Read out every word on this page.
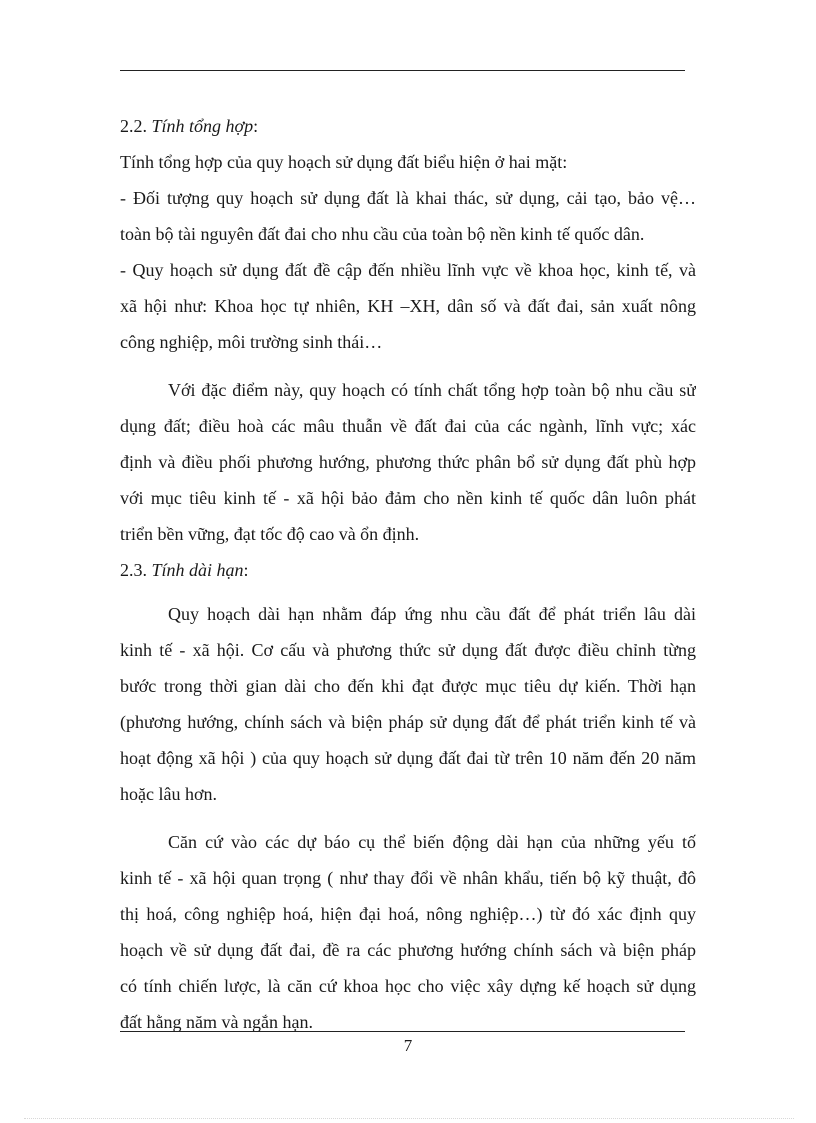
2.2. Tính tổng hợp:
Tính tổng hợp của quy hoạch sử dụng đất biểu hiện ở hai mặt:
- Đối tượng quy hoạch sử dụng đất là khai thác, sử dụng, cải tạo, bảo vệ…
toàn bộ tài nguyên đất đai cho nhu cầu của toàn bộ nền kinh tế quốc dân.
- Quy hoạch sử dụng đất đề cập đến nhiều lĩnh vực về khoa học, kinh tế, và
xã hội như: Khoa học tự nhiên, KH –XH, dân số và đất đai, sản xuất nông
công nghiệp, môi trường sinh thái…
Với đặc điểm này, quy hoạch có tính chất tổng hợp toàn bộ nhu cầu sử
dụng đất; điều hoà các mâu thuẫn về đất đai của các ngành, lĩnh vực; xác
định và điều phối phương hướng, phương thức phân bổ sử dụng đất phù hợp
với mục tiêu kinh tế - xã hội bảo đảm cho nền kinh tế quốc dân luôn phát
triển bền vững, đạt tốc độ cao và ổn định.
2.3. Tính dài hạn:
Quy hoạch dài hạn nhằm đáp ứng nhu cầu đất để phát triển lâu dài
kinh tế - xã hội. Cơ cấu và phương thức sử dụng đất được điều chỉnh từng
bước trong thời gian dài cho đến khi đạt được mục tiêu dự kiến. Thời hạn
(phương hướng, chính sách và biện pháp sử dụng đất để phát triển kinh tế và
hoạt động xã hội ) của quy hoạch sử dụng đất đai từ trên 10 năm đến 20 năm
hoặc lâu hơn.
Căn cứ vào các dự báo cụ thể biến động dài hạn của những yếu tố
kinh tế - xã hội quan trọng ( như thay đổi về nhân khẩu, tiến bộ kỹ thuật, đô
thị hoá, công nghiệp hoá, hiện đại hoá, nông nghiệp…) từ đó xác định quy
hoạch về sử dụng đất đai, đề ra các phương hướng chính sách và biện pháp
có tính chiến lược, là căn cứ khoa học cho việc xây dựng kế hoạch sử dụng
đất hằng năm và ngắn hạn.
7
